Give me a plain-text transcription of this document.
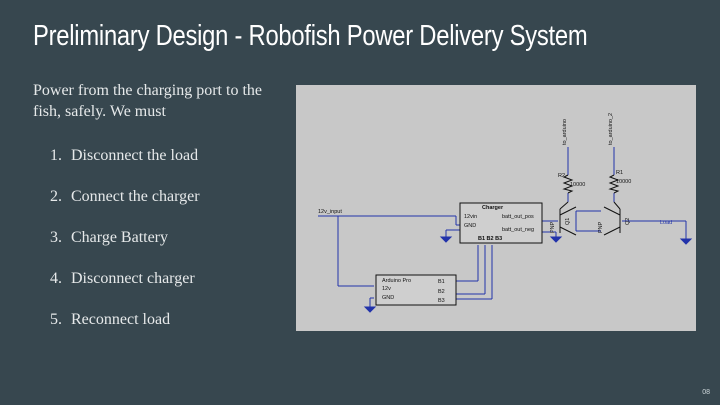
Preliminary Design - Robofish Power Delivery System
Power from the charging port to the fish, safely. We must
1. Disconnect the load
2. Connect the charger
3. Charge Battery
4. Disconnect charger
5. Reconnect load
to_arduino	to_arduino_2
12v_input
Load
R2
10000
R1
10000
PNP
Q1
PNP
Q2
Charger
12vin
GND
batt_out_pos
batt_out_neg
B1 B2 B3
Arduino Pro
12v
GND
B1
B2
B3
08
